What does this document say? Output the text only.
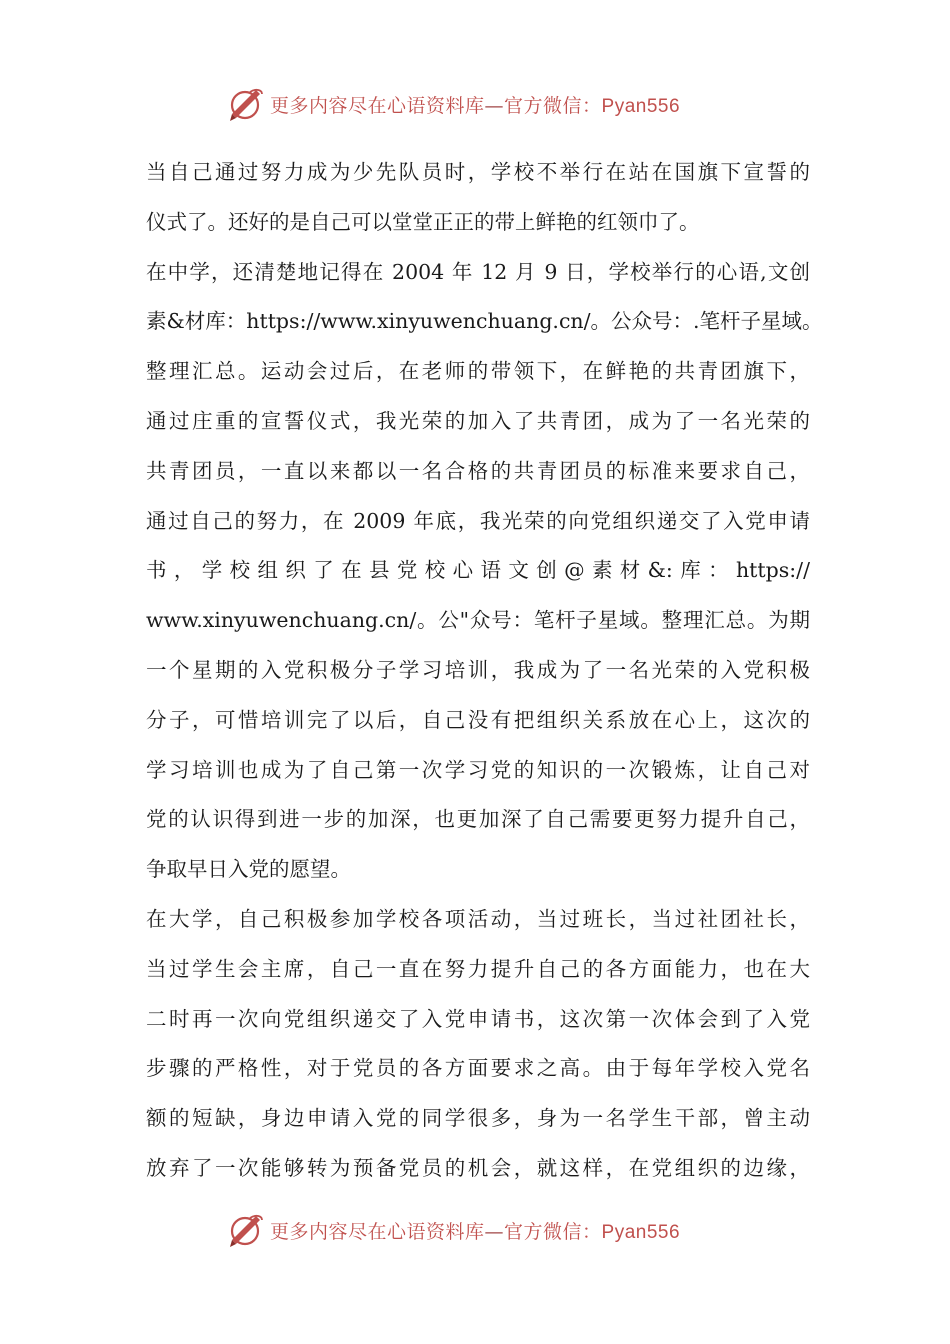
更多内容尽在心语资料库—官方微信：Pyan556
当自己通过努力成为少先队员时，学校不举行在站在国旗下宣誓的
仪式了。还好的是自己可以堂堂正正的带上鲜艳的红领巾了。
在中学，还清楚地记得在 2004 年 12 月 9 日，学校举行的心语,文创
素&材库：https://www.xinyuwenchuang.cn/。公众号：.笔杆子星域。
整理汇总。运动会过后，在老师的带领下，在鲜艳的共青团旗下，
通过庄重的宣誓仪式，我光荣的加入了共青团，成为了一名光荣的
共青团员，一直以来都以一名合格的共青团员的标准来要求自己，
通过自己的努力，在 2009 年底，我光荣的向党组织递交了入党申请
书，学校组织了在县党校心语文创@素材&:库：https://
www.xinyuwenchuang.cn/。公"众号：笔杆子星域。整理汇总。为期
一个星期的入党积极分子学习培训，我成为了一名光荣的入党积极
分子，可惜培训完了以后，自己没有把组织关系放在心上，这次的
学习培训也成为了自己第一次学习党的知识的一次锻炼，让自己对
党的认识得到进一步的加深，也更加深了自己需要更努力提升自己，
争取早日入党的愿望。
在大学，自己积极参加学校各项活动，当过班长，当过社团社长，
当过学生会主席，自己一直在努力提升自己的各方面能力，也在大
二时再一次向党组织递交了入党申请书，这次第一次体会到了入党
步骤的严格性，对于党员的各方面要求之高。由于每年学校入党名
额的短缺，身边申请入党的同学很多，身为一名学生干部，曾主动
放弃了一次能够转为预备党员的机会，就这样，在党组织的边缘，
更多内容尽在心语资料库—官方微信：Pyan556
